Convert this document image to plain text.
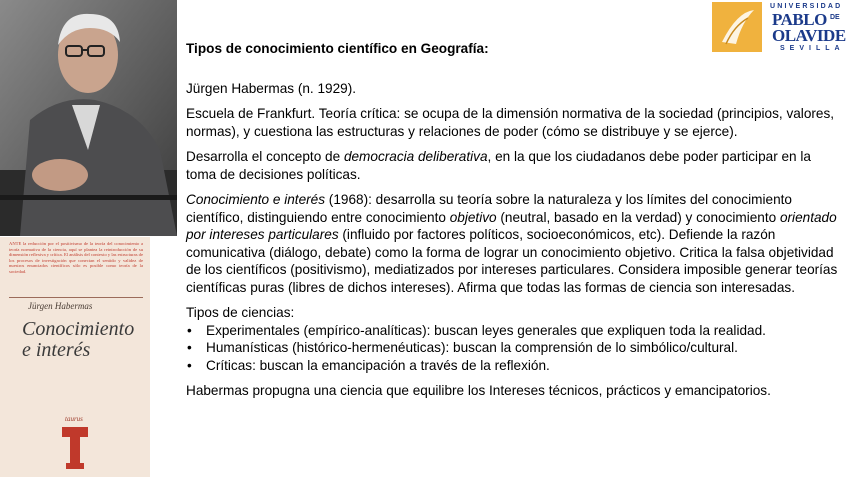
ANTE la reducción por el positivismo de la teoría del conocimiento a teoría normativa de la ciencia, aquí se plantea la reintroducción de su dimensión reflexiva y crítica. El análisis del contexto y las estructuras de los procesos de investigación que conectan el sentido y validez de nuestros enunciados científicos sólo es posible como teoría de la sociedad.
Jürgen Habermas
Conocimiento e interés
taurus
UNIVERSIDAD
PABLO DE
OLAVIDE
SEVILLA

Tipos de conocimiento científico en Geografía:

Jürgen Habermas (n. 1929).

Escuela de Frankfurt. Teoría crítica: se ocupa de la dimensión normativa de la sociedad (principios, valores, normas), y cuestiona las estructuras y relaciones de poder (cómo se distribuye y se ejerce).

Desarrolla el concepto de democracia deliberativa, en la que los ciudadanos debe poder participar en la toma de decisiones políticas.

Conocimiento e interés (1968): desarrolla su teoría sobre la naturaleza y los límites del conocimiento científico, distinguiendo entre conocimiento objetivo (neutral, basado en la verdad) y conocimiento orientado por intereses particulares (influido por factores políticos, socioeconómicos, etc). Defiende la razón comunicativa (diálogo, debate) como la forma de lograr un conocimiento objetivo. Critica la falsa objetividad de los científicos (positivismo), mediatizados por intereses particulares. Considera imposible generar teorías científicas puras (libres de dichos intereses). Afirma que todas las formas de ciencia son interesadas.

Tipos de ciencias:

• Experimentales (empírico-analíticas): buscan leyes generales que expliquen toda la realidad.
• Humanísticas (histórico-hermenéuticas): buscan la comprensión de lo simbólico/cultural.
• Críticas: buscan la emancipación a través de la reflexión.

Habermas propugna una ciencia que equilibre los Intereses técnicos, prácticos y emancipatorios.
